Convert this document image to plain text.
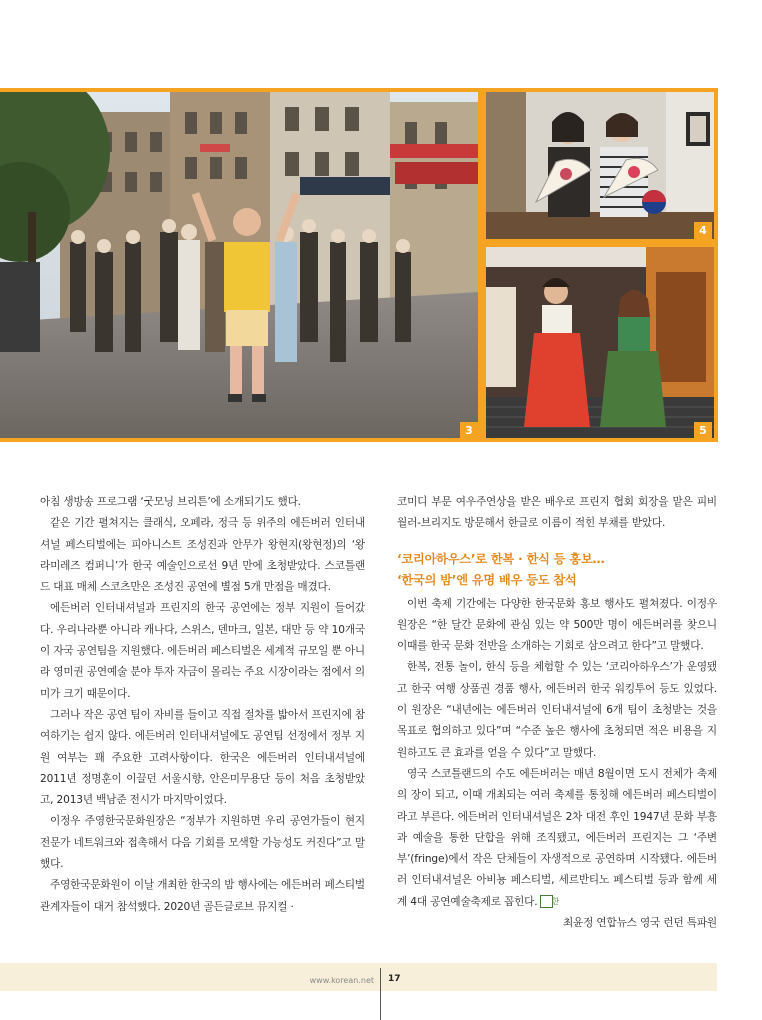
3
4
5

아침 생방송 프로그램 ‘굿모닝 브리튼’에 소개되기도 했다.

같은 기간 펼쳐지는 클래식, 오페라, 정극 등 위주의 에든버러 인터내셔널 페스티벌에는 피아니스트 조성진과 안무가 왕현지(왕현정)의 ‘왕 라미레즈 컴퍼니’가 한국 예술인으로선 9년 만에 초청받았다. 스코틀랜드 대표 매체 스코츠만은 조성진 공연에 별점 5개 만점을 매겼다.

에든버러 인터내셔널과 프린지의 한국 공연에는 정부 지원이 들어갔다. 우리나라뿐 아니라 캐나다, 스위스, 덴마크, 일본, 대만 등 약 10개국이 자국 공연팀을 지원했다. 에든버러 페스티벌은 세계적 규모일 뿐 아니라 영미권 공연예술 분야 투자 자금이 몰리는 주요 시장이라는 점에서 의미가 크기 때문이다.

그러나 작은 공연 팀이 자비를 들이고 직접 절차를 밟아서 프린지에 참여하기는 쉽지 않다. 에든버러 인터내셔널에도 공연팀 선정에서 정부 지원 여부는 꽤 주요한 고려사항이다. 한국은 에든버러 인터내셔널에 2011년 정명훈이 이끌던 서울시향, 안은미무용단 등이 처음 초청받았고, 2013년 백남준 전시가 마지막이었다.

이정우 주영한국문화원장은 “정부가 지원하면 우리 공연가들이 현지 전문가 네트워크와 접촉해서 다음 기회를 모색할 가능성도 커진다”고 말했다.

주영한국문화원이 이날 개최한 한국의 밤 행사에는 에든버러 페스티벌 관계자들이 대거 참석했다. 2020년 골든글로브 뮤지컬 ·

코미디 부문 여우주연상을 받은 배우로 프린지 협회 회장을 맡은 피비 월러-브리지도 방문해서 한글로 이름이 적힌 부채를 받았다.

‘코리아하우스’로 한복 · 한식 등 홍보…
‘한국의 밤’엔 유명 배우 등도 참석

이번 축제 기간에는 다양한 한국문화 홍보 행사도 펼쳐졌다. 이정우 원장은 “한 달간 문화에 관심 있는 약 500만 명이 에든버러를 찾으니 이때를 한국 문화 전반을 소개하는 기회로 삼으려고 한다”고 말했다.

한복, 전통 놀이, 한식 등을 체험할 수 있는 ‘코리아하우스’가 운영됐고 한국 여행 상품권 경품 행사, 에든버러 한국 워킹투어 등도 있었다. 이 원장은 “내년에는 에든버러 인터내셔널에 6개 팀이 초청받는 것을 목표로 협의하고 있다”며 “수준 높은 행사에 초청되면 적은 비용을 지원하고도 큰 효과를 얻을 수 있다”고 말했다.

영국 스코틀랜드의 수도 에든버러는 매년 8월이면 도시 전체가 축제의 장이 되고, 이때 개최되는 여러 축제를 통칭해 에든버러 페스티벌이라고 부른다. 에든버러 인터내셔널은 2차 대전 후인 1947년 문화 부흥과 예술을 통한 단합을 위해 조직됐고, 에든버러 프린지는 그 ‘주변부’(fringe)에서 작은 단체들이 자생적으로 공연하며 시작됐다. 에든버러 인터내셔널은 아비뇽 페스티벌, 세르반티노 페스티벌 등과 함께 세계 4대 공연예술축제로 꼽힌다. 한

최윤정 연합뉴스 영국 런던 특파원

www.korean.net 17
